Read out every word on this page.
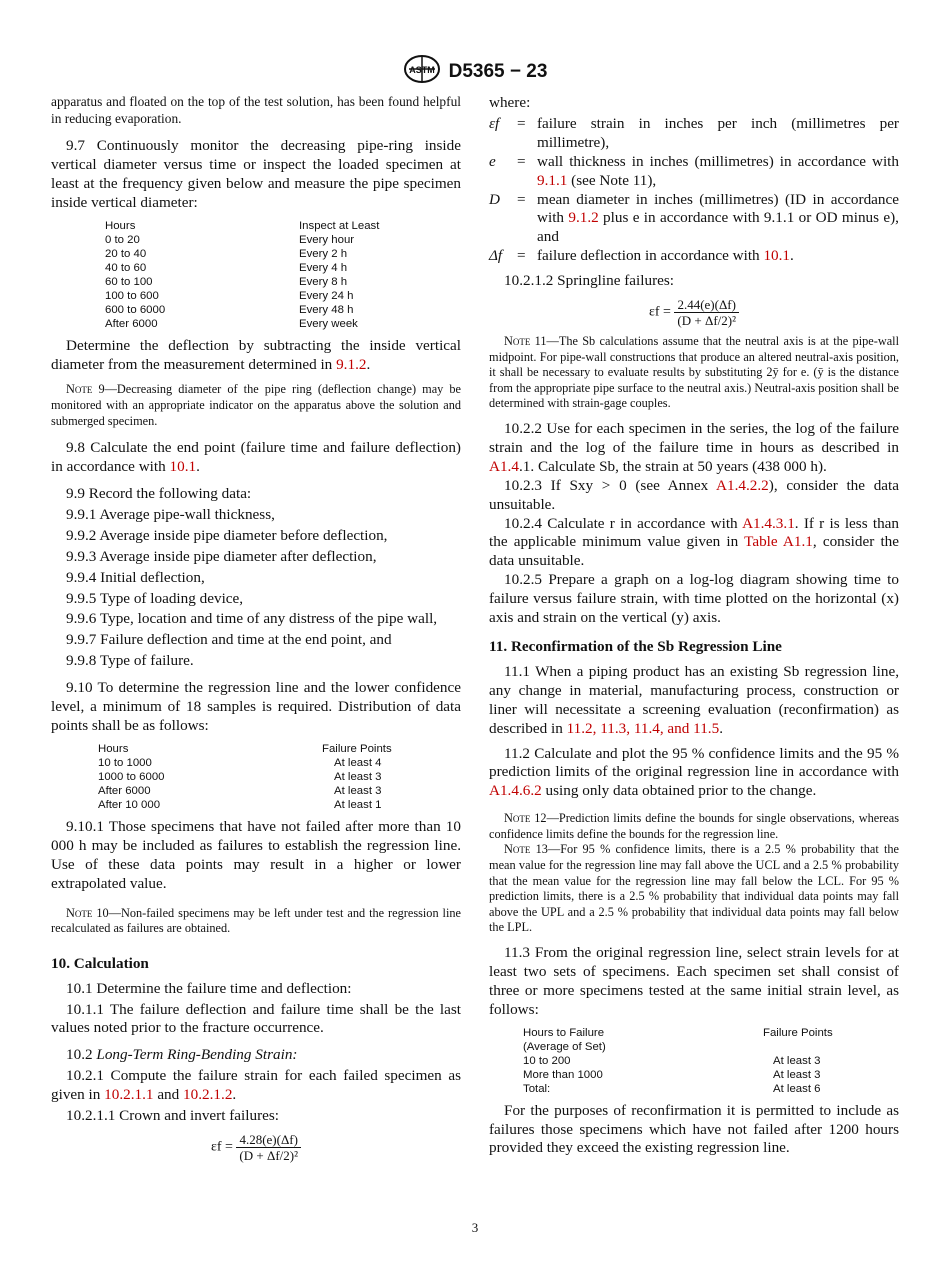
ASTM D5365 − 23

apparatus and floated on the top of the test solution, has been found helpful in reducing evaporation.

9.7 Continuously monitor the decreasing pipe-ring inside vertical diameter versus time or inspect the loaded specimen at least at the frequency given below and measure the pipe specimen inside vertical diameter:

Hours	Inspect at Least
0 to 20	Every hour
20 to 40	Every 2 h
40 to 60	Every 4 h
60 to 100	Every 8 h
100 to 600	Every 24 h
600 to 6000	Every 48 h
After 6000	Every week

Determine the deflection by subtracting the inside vertical diameter from the measurement determined in 9.1.2.

Note 9—Decreasing diameter of the pipe ring (deflection change) may be monitored with an appropriate indicator on the apparatus above the solution and submerged specimen.

9.8 Calculate the end point (failure time and failure deflection) in accordance with 10.1.

9.9 Record the following data:

9.9.1 Average pipe-wall thickness,

9.9.2 Average inside pipe diameter before deflection,

9.9.3 Average inside pipe diameter after deflection,

9.9.4 Initial deflection,

9.9.5 Type of loading device,

9.9.6 Type, location and time of any distress of the pipe wall,

9.9.7 Failure deflection and time at the end point, and

9.9.8 Type of failure.

9.10 To determine the regression line and the lower confidence level, a minimum of 18 samples is required. Distribution of data points shall be as follows:

Hours	Failure Points
10 to 1000	At least 4
1000 to 6000	At least 3
After 6000	At least 3
After 10 000	At least 1

9.10.1 Those specimens that have not failed after more than 10 000 h may be included as failures to establish the regression line. Use of these data points may result in a higher or lower extrapolated value.

Note 10—Non-failed specimens may be left under test and the regression line recalculated as failures are obtained.
10. Calculation

10.1 Determine the failure time and deflection:

10.1.1 The failure deflection and failure time shall be the last values noted prior to the fracture occurrence.

10.2 Long-Term Ring-Bending Strain:

10.2.1 Compute the failure strain for each failed specimen as given in 10.2.1.1 and 10.2.1.2.

10.2.1.1 Crown and invert failures:

$\varepsilon f = \frac{4.28(e)(\Delta f)}{\text{(D + Δf/2)²}}$

where:

εf	= failure strain in inches per inch (millimetres per millimetre),
e	= wall thickness in inches (millimetres) in accordance with 9.1.1 (see Note 11),
D	= mean diameter in inches (millimetres) (ID in accordance with 9.1.2 plus e in accordance with 9.1.1 or OD minus e), and
Δf = failure deflection in accordance with 10.1.

10.2.1.2 Springline failures:

$\varepsilon f = \frac{2.44(e)(\Delta f)}{\text{(D + Δf/2)²}}$
Note 11—The Sb calculations assume that the neutral axis is at the pipe-wall midpoint. For pipe-wall constructions that produce an altered neutral-axis position, it shall be necessary to evaluate results by substituting 2ȳ for e. (ȳ is the distance from the appropriate pipe surface to the neutral axis.) Neutral-axis position shall be determined with strain-gage couples.

10.2.2 Use for each specimen in the series, the log of the failure strain and the log of the failure time in hours as described in A1.4.1. Calculate Sb, the strain at 50 years (438 000 h).

10.2.3 If Sxy > 0 (see Annex A1.4.2.2), consider the data unsuitable.

10.2.4 Calculate r in accordance with A1.4.3.1. If r is less than the applicable minimum value given in Table A1.1, consider the data unsuitable.

10.2.5 Prepare a graph on a log-log diagram showing time to failure versus failure strain, with time plotted on the horizontal (x) axis and strain on the vertical (y) axis.

11. Reconfirmation of the Sb Regression Line

11.1 When a piping product has an existing Sb regression line, any change in material, manufacturing process, construction or liner will necessitate a screening evaluation (reconfirmation) as described in 11.2, 11.3, 11.4, and 11.5.

11.2 Calculate and plot the 95 % confidence limits and the 95 % prediction limits of the original regression line in accordance with A1.4.6.2 using only data obtained prior to the change.

Note 12—Prediction limits define the bounds for single observations, whereas confidence limits define the bounds for the regression line.
Note 13—For 95 % confidence limits, there is a 2.5 % probability that the mean value for the regression line may fall above the UCL and a 2.5 % probability that the mean value for the regression line may fall below the LCL. For 95 % prediction limits, there is a 2.5 % probability that individual data points may fall above the UPL and a 2.5 % probability that individual data points may fall below the LPL.

11.3 From the original regression line, select strain levels for at least two sets of specimens. Each specimen set shall consist of three or more specimens tested at the same initial strain level, as follows:

Hours to Failure	Failure Points
(Average of Set)	
10 to 200	At least 3
More than 1000	At least 3
Total:	At least 6

For the purposes of reconfirmation it is permitted to include as failures those specimens which have not failed after 1200 hours provided they exceed the existing regression line.

3
